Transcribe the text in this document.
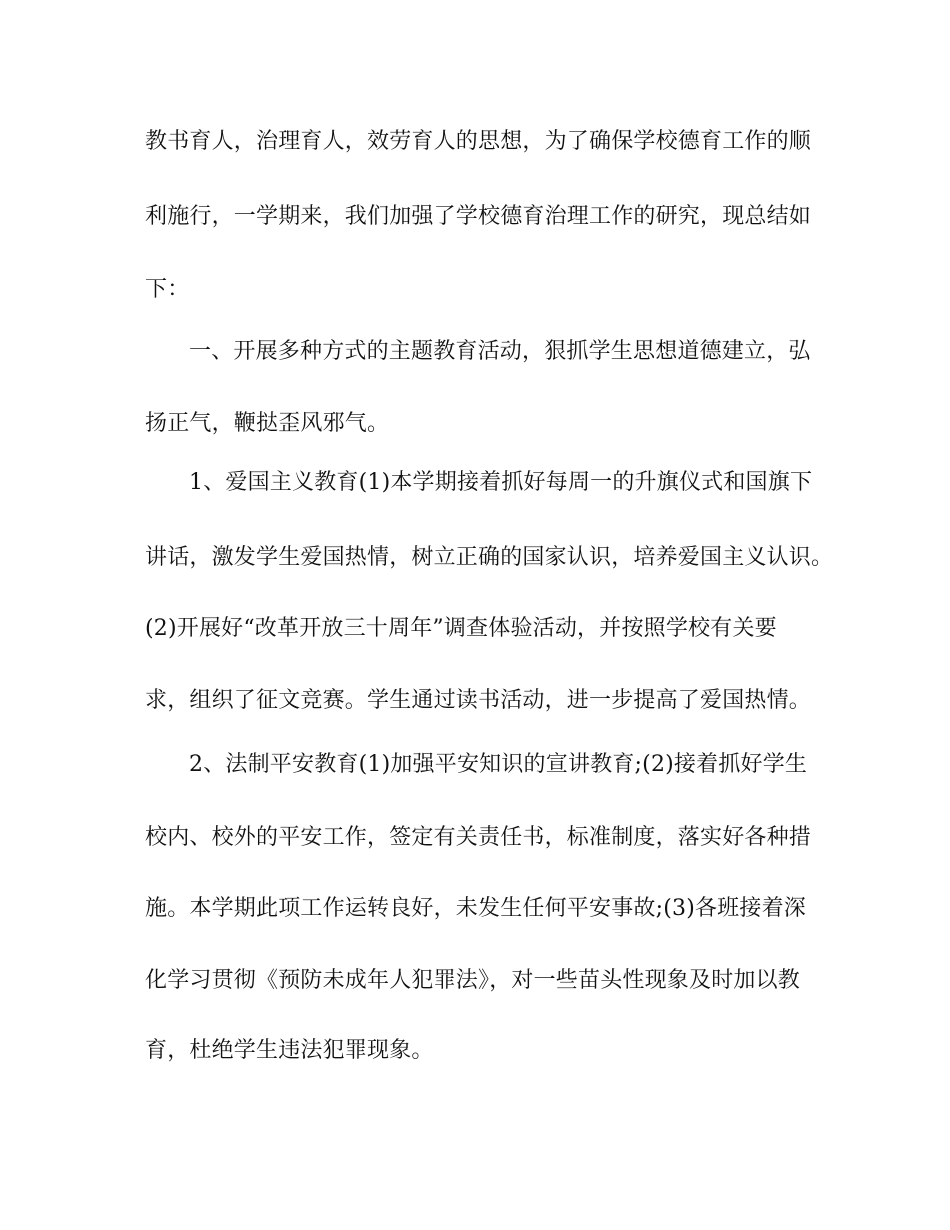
教书育人，治理育人，效劳育人的思想，为了确保学校德育工作的顺
利施行，一学期来，我们加强了学校德育治理工作的研究，现总结如
下：
一、开展多种方式的主题教育活动，狠抓学生思想道德建立，弘
扬正气，鞭挞歪风邪气。
1、爱国主义教育(1)本学期接着抓好每周一的升旗仪式和国旗下
讲话，激发学生爱国热情，树立正确的国家认识，培养爱国主义认识。
(2)开展好“改革开放三十周年”调查体验活动，并按照学校有关要
求，组织了征文竞赛。学生通过读书活动，进一步提高了爱国热情。
2、法制平安教育(1)加强平安知识的宣讲教育;(2)接着抓好学生
校内、校外的平安工作，签定有关责任书，标准制度，落实好各种措
施。本学期此项工作运转良好，未发生任何平安事故;(3)各班接着深
化学习贯彻《预防未成年人犯罪法》，对一些苗头性现象及时加以教
育，杜绝学生违法犯罪现象。
